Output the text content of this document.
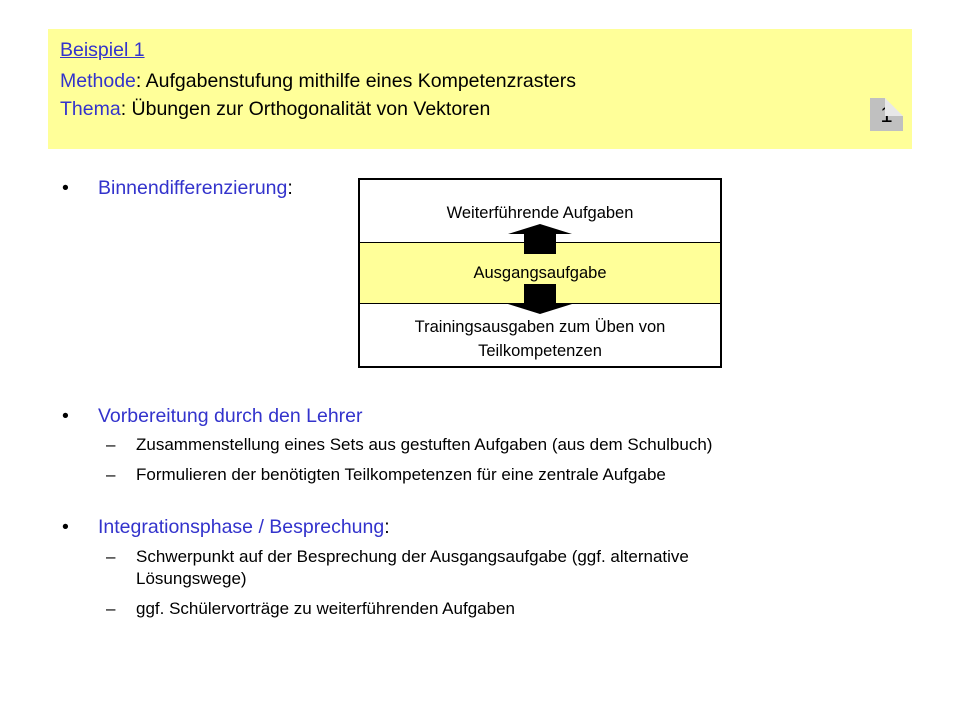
Beispiel 1
Methode: Aufgabenstufung mithilfe eines Kompetenzrasters
Thema: Übungen zur Orthogonalität von Vektoren	1
• Binnendifferenzierung:
Weiterführende Aufgaben
Ausgangsaufgabe
Trainingsausgaben zum Üben von
Teilkompetenzen
• Vorbereitung durch den Lehrer
– Zusammenstellung eines Sets aus gestuften Aufgaben (aus dem Schulbuch)
– Formulieren der benötigten Teilkompetenzen für eine zentrale Aufgabe
• Integrationsphase / Besprechung:
– Schwerpunkt auf der Besprechung der Ausgangsaufgabe (ggf. alternative
Lösungswege)
– ggf. Schülervorträge zu weiterführenden Aufgaben
